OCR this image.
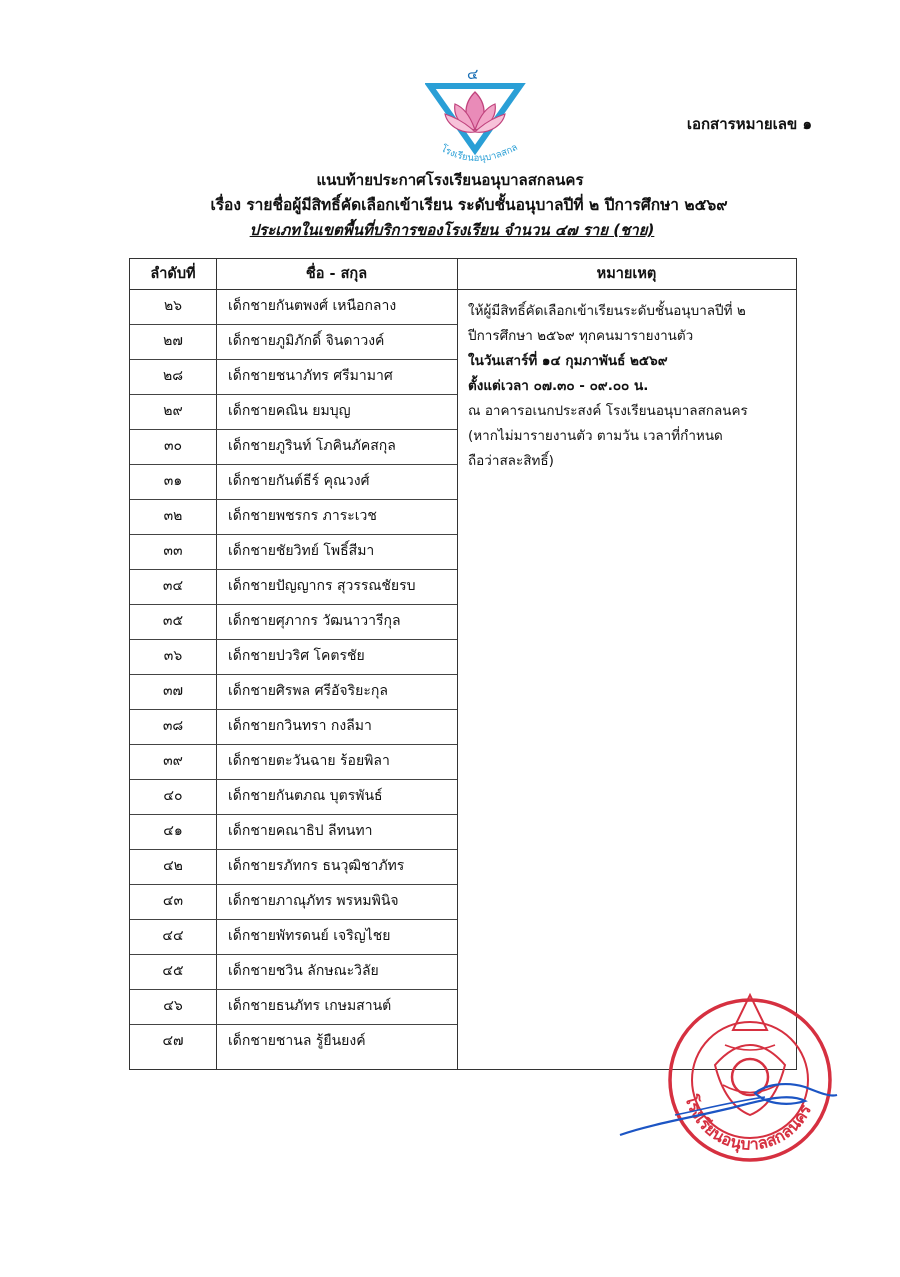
๔
โรงเรียนอนุบาลสกล
เอกสารหมายเลข ๑
แนบท้ายประกาศโรงเรียนอนุบาลสกลนคร
เรื่อง รายชื่อผู้มีสิทธิ์คัดเลือกเข้าเรียน ระดับชั้นอนุบาลปีที่ ๒ ปีการศึกษา ๒๕๖๙
ประเภทในเขตพื้นที่บริการของโรงเรียน จำนวน ๔๗ ราย (ชาย)
ลำดับที่	ชื่อ - สกุล	หมายเหตุ
๒๖	เด็กชายกันตพงศ์ เหนือกลาง
๒๗	เด็กชายภูมิภักดิ์ จินดาวงค์
๒๘	เด็กชายชนาภัทร ศรีมามาศ
๒๙	เด็กชายคณิน ยมบุญ
๓๐	เด็กชายภูรินท์ โภคินภัคสกุล
๓๑	เด็กชายกันต์ธีร์ คุณวงศ์
๓๒	เด็กชายพชรกร ภาระเวช
๓๓	เด็กชายชัยวิทย์ โพธิ์สีมา
๓๔	เด็กชายปัญญากร สุวรรณชัยรบ
๓๕	เด็กชายศุภากร วัฒนาวารีกุล
๓๖	เด็กชายปวริศ โคตรชัย
๓๗	เด็กชายศิรพล ศรีอัจริยะกุล
๓๘	เด็กชายกวินทรา กงลีมา
๓๙	เด็กชายตะวันฉาย ร้อยพิลา
๔๐	เด็กชายกันตภณ บุตรพันธ์
๔๑	เด็กชายคณาธิป ลีทนทา
๔๒	เด็กชายรภัทกร ธนวุฒิชาภัทร
๔๓	เด็กชายภาณุภัทร พรหมพินิจ
๔๔	เด็กชายพัทรดนย์ เจริญไชย
๔๕	เด็กชายชวิน ลักษณะวิลัย
๔๖	เด็กชายธนภัทร เกษมสานต์
๔๗	เด็กชายชานล รู้ยืนยงค์
ให้ผู้มีสิทธิ์คัดเลือกเข้าเรียนระดับชั้นอนุบาลปีที่ ๒
ปีการศึกษา ๒๕๖๙ ทุกคนมารายงานตัว
ในวันเสาร์ที่ ๑๔ กุมภาพันธ์ ๒๕๖๙
ตั้งแต่เวลา ๐๗.๓๐ - ๐๙.๐๐ น.
ณ อาคารอเนกประสงค์ โรงเรียนอนุบาลสกลนคร
(หากไม่มารายงานตัว ตามวัน เวลาที่กำหนด
ถือว่าสละสิทธิ์)
โรงเรียนอนุบาลสกลนคร
